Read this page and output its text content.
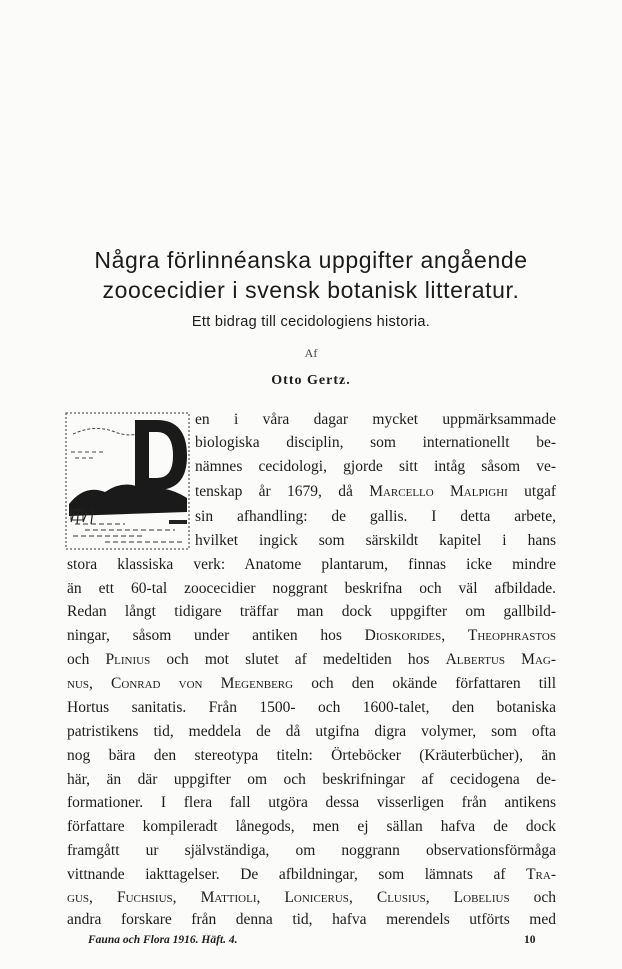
Några förlinnéanska uppgifter angående
zoocecidier i svensk botanisk litteratur.
Ett bidrag till cecidologiens historia.
Af
Otto Gertz.
en i våra dagar mycket uppmärksammade
biologiska disciplin, som internationellt be-
nämnes cecidologi, gjorde sitt intåg såsom ve-
tenskap år 1679, då Marcello Malpighi utgaf
sin afhandling: de gallis. I detta arbete,
hvilket ingick som särskildt kapitel i hans
stora klassiska verk: Anatome plantarum, finnas icke mindre
än ett 60-tal zoocecidier noggrant beskrifna och väl afbildade.
Redan långt tidigare träffar man dock uppgifter om gallbild-
ningar, såsom under antiken hos Dioskorides, Theophrastos
och Plinius och mot slutet af medeltiden hos Albertus Mag-
nus, Conrad von Megenberg och den okände författaren till
Hortus sanitatis. Från 1500- och 1600-talet, den botaniska
patristikens tid, meddela de då utgifna digra volymer, som ofta
nog bära den stereotypa titeln: Örteböcker (Kräuterbücher), än
här, än där uppgifter om och beskrifningar af cecidogena de-
formationer. I flera fall utgöra dessa visserligen från antikens
författare kompileradt lånegods, men ej sällan hafva de dock
framgått ur självständiga, om noggrann observationsförmåga
vittnande iakttagelser. De afbildningar, som lämnats af Tra-
gus, Fuchsius, Mattioli, Lonicerus, Clusius, Lobelius och
andra forskare från denna tid, hafva merendels utförts med
Fauna och Flora 1916. Häft. 4.	10
